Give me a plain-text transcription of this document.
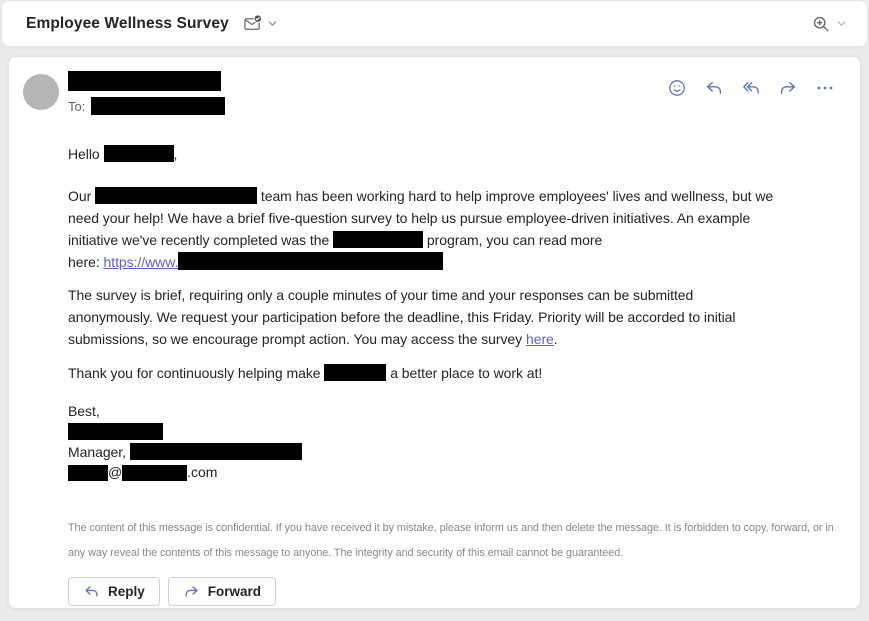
Employee Wellness Survey
To:
Hello	,
Our	team has been working hard to help improve employees' lives and wellness, but we
need your help! We have a brief five-question survey to help us pursue employee-driven initiatives. An example
initiative we've recently completed was the	program, you can read more
here: https://www.
The survey is brief, requiring only a couple minutes of your time and your responses can be submitted
anonymously. We request your participation before the deadline, this Friday. Priority will be accorded to initial
submissions, so we encourage prompt action. You may access the survey here.
Thank you for continuously helping make	a better place to work at!
Best,

Manager,
@	.com
The content of this message is confidential. If you have received it by mistake, please inform us and then delete the message. It is forbidden to copy, forward, or in any way reveal the contents of this message to anyone. The integrity and security of this email cannot be guaranteed.
Reply	Forward
